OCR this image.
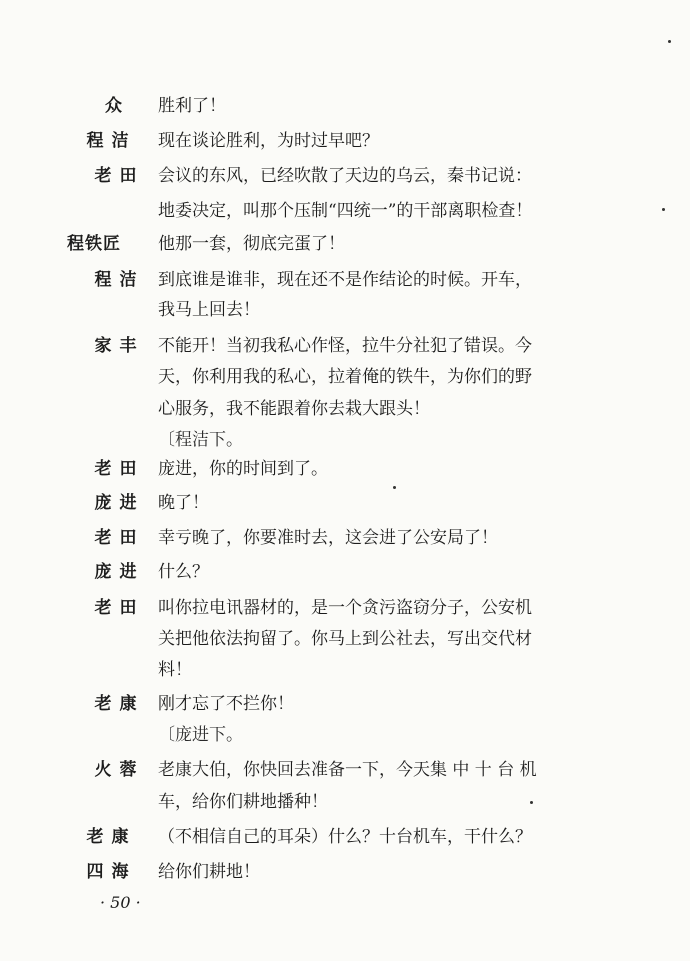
众	胜利了！
程 洁	现在谈论胜利，为时过早吧？
老 田	会议的东风，已经吹散了天边的乌云，秦书记说：
地委决定，叫那个压制“四统一”的干部离职检查！
程铁匠	他那一套，彻底完蛋了！
程 洁	到底谁是谁非，现在还不是作结论的时候。开车，
我马上回去！
家 丰	不能开！当初我私心作怪，拉牛分社犯了错误。今
天，你利用我的私心，拉着俺的铁牛，为你们的野
心服务，我不能跟着你去栽大跟头！
〔程洁下。
老 田	庞进，你的时间到了。
庞 进	晚了！
老 田	幸亏晚了，你要准时去，这会进了公安局了！
庞 进	什么？
老 田	叫你拉电讯器材的，是一个贪污盗窃分子，公安机
关把他依法拘留了。你马上到公社去，写出交代材
料！
老 康	刚才忘了不拦你！
〔庞进下。
火 蓉	老康大伯，你快回去准备一下，今天集 中 十 台 机
车，给你们耕地播种！
老 康	（不相信自己的耳朵）什么？十台机车，干什么？
四 海	给你们耕地！
· 50 ·
